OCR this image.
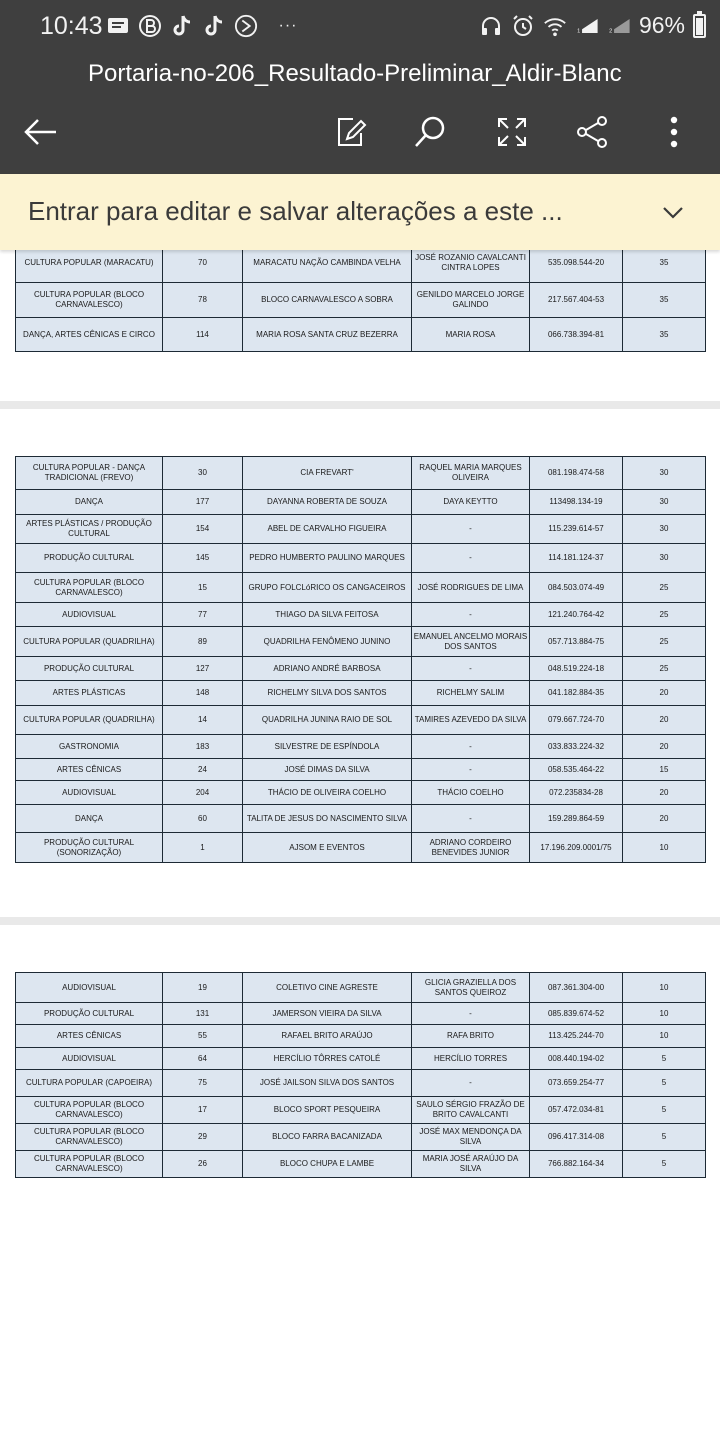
10:43	···	1	2 96%
Portaria-no-206_Resultado-Preliminar_Aldir-Blanc
Entrar para editar e salvar alterações a este ...
CULTURA POPULAR (MARACATU)	70	MARACATU NAÇÃO CAMBINDA VELHA	JOSÉ ROZANIO CAVALCANTI CINTRA LOPES	535.098.544-20	35
CULTURA POPULAR (BLOCO CARNAVALESCO)	78	BLOCO CARNAVALESCO A SOBRA	GENILDO MARCELO JORGE GALINDO	217.567.404-53	35
DANÇA, ARTES CÊNICAS E CIRCO	114	MARIA ROSA SANTA CRUZ BEZERRA	MARIA ROSA	066.738.394-81	35
CULTURA POPULAR - DANÇA TRADICIONAL (FREVO)	30	CIA FREVART'	RAQUEL MARIA MARQUES OLIVEIRA	081.198.474-58	30
DANÇA	177	DAYANNA ROBERTA DE SOUZA	DAYA KEYTTO	113498.134-19	30
ARTES PLÁSTICAS / PRODUÇÃO CULTURAL	154	ABEL DE CARVALHO FIGUEIRA	-	115.239.614-57	30
PRODUÇÃO CULTURAL	145	PEDRO HUMBERTO PAULINO MARQUES	-	114.181.124-37	30
CULTURA POPULAR (BLOCO CARNAVALESCO)	15	GRUPO FOLCLóRICO OS CANGACEIROS	JOSÉ RODRIGUES DE LIMA	084.503.074-49	25
AUDIOVISUAL	77	THIAGO DA SILVA FEITOSA	-	121.240.764-42	25
CULTURA POPULAR (QUADRILHA)	89	QUADRILHA FENÔMENO JUNINO	EMANUEL ANCELMO MORAIS DOS SANTOS	057.713.884-75	25
PRODUÇÃO CULTURAL	127	ADRIANO ANDRÉ BARBOSA	-	048.519.224-18	25
ARTES PLÁSTICAS	148	RICHELMY SILVA DOS SANTOS	RICHELMY SALIM	041.182.884-35	20
CULTURA POPULAR (QUADRILHA)	14	QUADRILHA JUNINA RAIO DE SOL	TAMIRES AZEVEDO DA SILVA	079.667.724-70	20
GASTRONOMIA	183	SILVESTRE DE ESPÍNDOLA	-	033.833.224-32	20
ARTES CÊNICAS	24	JOSÉ DIMAS DA SILVA	-	058.535.464-22	15
AUDIOVISUAL	204	THÁCIO DE OLIVEIRA COELHO	THÁCIO COELHO	072.235834-28	20
DANÇA	60	TALITA DE JESUS DO NASCIMENTO SILVA	-	159.289.864-59	20
PRODUÇÃO CULTURAL (SONORIZAÇÃO)	1	AJSOM E EVENTOS	ADRIANO CORDEIRO BENEVIDES JUNIOR	17.196.209.0001/75	10
AUDIOVISUAL	19	COLETIVO CINE AGRESTE	GLICIA GRAZIELLA DOS SANTOS QUEIROZ	087.361.304-00	10
PRODUÇÃO CULTURAL	131	JAMERSON VIEIRA DA SILVA	-	085.839.674-52	10
ARTES CÊNICAS	55	RAFAEL BRITO ARAÚJO	RAFA BRITO	113.425.244-70	10
AUDIOVISUAL	64	HERCÍLIO TÔRRES CATOLÉ	HERCÍLIO TORRES	008.440.194-02	5
CULTURA POPULAR (CAPOEIRA)	75	JOSÉ JAILSON SILVA DOS SANTOS	-	073.659.254-77	5
CULTURA POPULAR (BLOCO CARNAVALESCO)	17	BLOCO SPORT PESQUEIRA	SAULO SÉRGIO FRAZÃO DE BRITO CAVALCANTI	057.472.034-81	5
CULTURA POPULAR (BLOCO CARNAVALESCO)	29	BLOCO FARRA BACANIZADA	JOSÉ MAX MENDONÇA DA SILVA	096.417.314-08	5
CULTURA POPULAR (BLOCO CARNAVALESCO)	26	BLOCO CHUPA E LAMBE	MARIA JOSÉ ARAÚJO DA SILVA	766.882.164-34	5
